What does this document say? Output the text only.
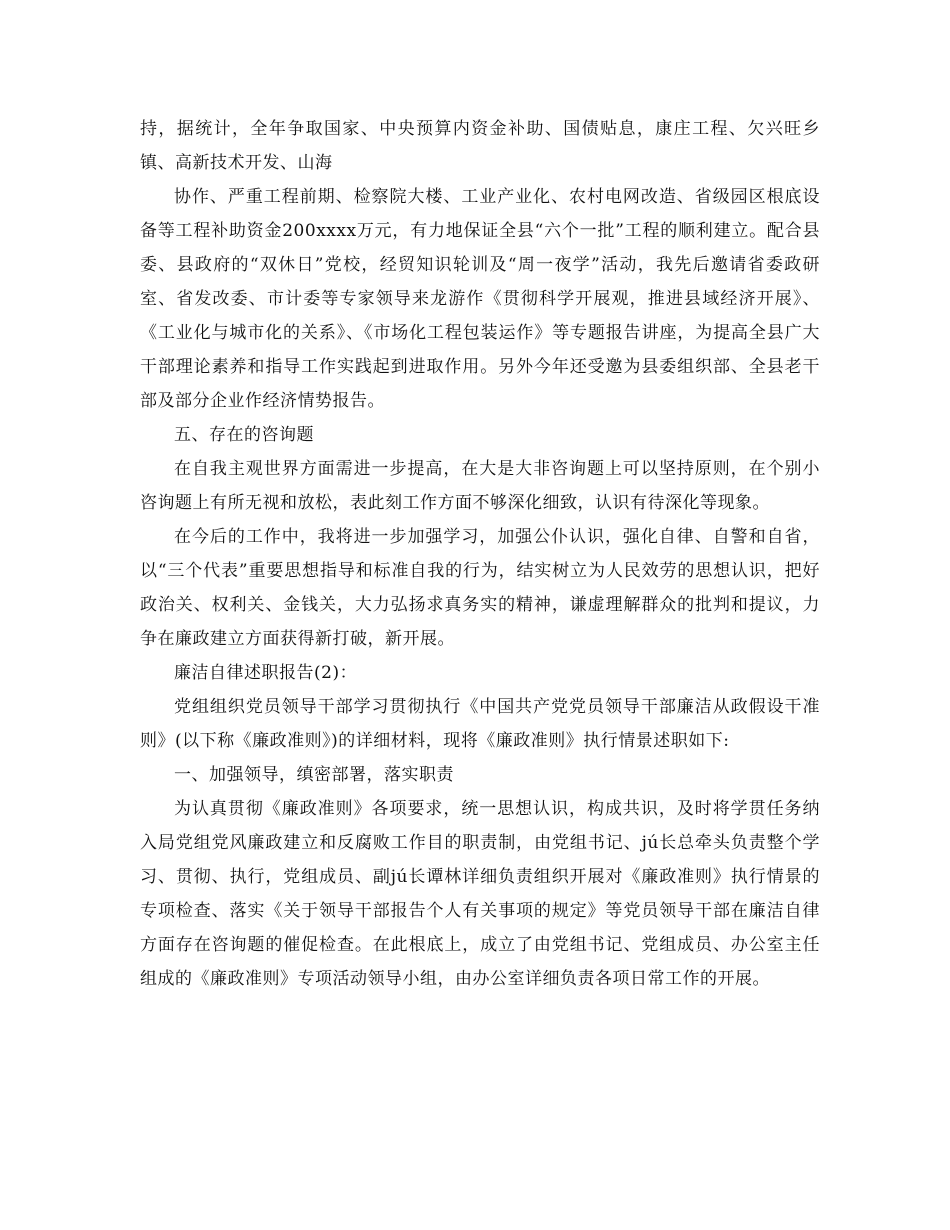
持，据统计，全年争取国家、中央预算内资金补助、国债贴息，康庄工程、欠兴旺乡镇、高新技术开发、山海

协作、严重工程前期、检察院大楼、工业产业化、农村电网改造、省级园区根底设备等工程补助资金200xxxx万元，有力地保证全县“六个一批”工程的顺利建立。配合县委、县政府的“双休日”党校，经贸知识轮训及“周一夜学”活动，我先后邀请省委政研室、省发改委、市计委等专家领导来龙游作《贯彻科学开展观，推进县域经济开展》、《工业化与城市化的关系》、《市场化工程包装运作》等专题报告讲座，为提高全县广大干部理论素养和指导工作实践起到进取作用。另外今年还受邀为县委组织部、全县老干部及部分企业作经济情势报告。

五、存在的咨询题

在自我主观世界方面需进一步提高，在大是大非咨询题上可以坚持原则，在个别小咨询题上有所无视和放松，表此刻工作方面不够深化细致，认识有待深化等现象。

在今后的工作中，我将进一步加强学习，加强公仆认识，强化自律、自警和自省，以“三个代表”重要思想指导和标准自我的行为，结实树立为人民效劳的思想认识，把好政治关、权利关、金钱关，大力弘扬求真务实的精神，谦虚理解群众的批判和提议，力争在廉政建立方面获得新打破，新开展。

廉洁自律述职报告(2)：

党组组织党员领导干部学习贯彻执行《中国共产党党员领导干部廉洁从政假设干准则》(以下称《廉政准则》)的详细材料，现将《廉政准则》执行情景述职如下:

一、加强领导，缜密部署，落实职责

为认真贯彻《廉政准则》各项要求，统一思想认识，构成共识，及时将学贯任务纳入局党组党风廉政建立和反腐败工作目的职责制，由党组书记、jú长总牵头负责整个学习、贯彻、执行，党组成员、副jú长谭林详细负责组织开展对《廉政准则》执行情景的专项检查、落实《关于领导干部报告个人有关事项的规定》等党员领导干部在廉洁自律方面存在咨询题的催促检查。在此根底上，成立了由党组书记、党组成员、办公室主任组成的《廉政准则》专项活动领导小组，由办公室详细负责各项日常工作的开展。
